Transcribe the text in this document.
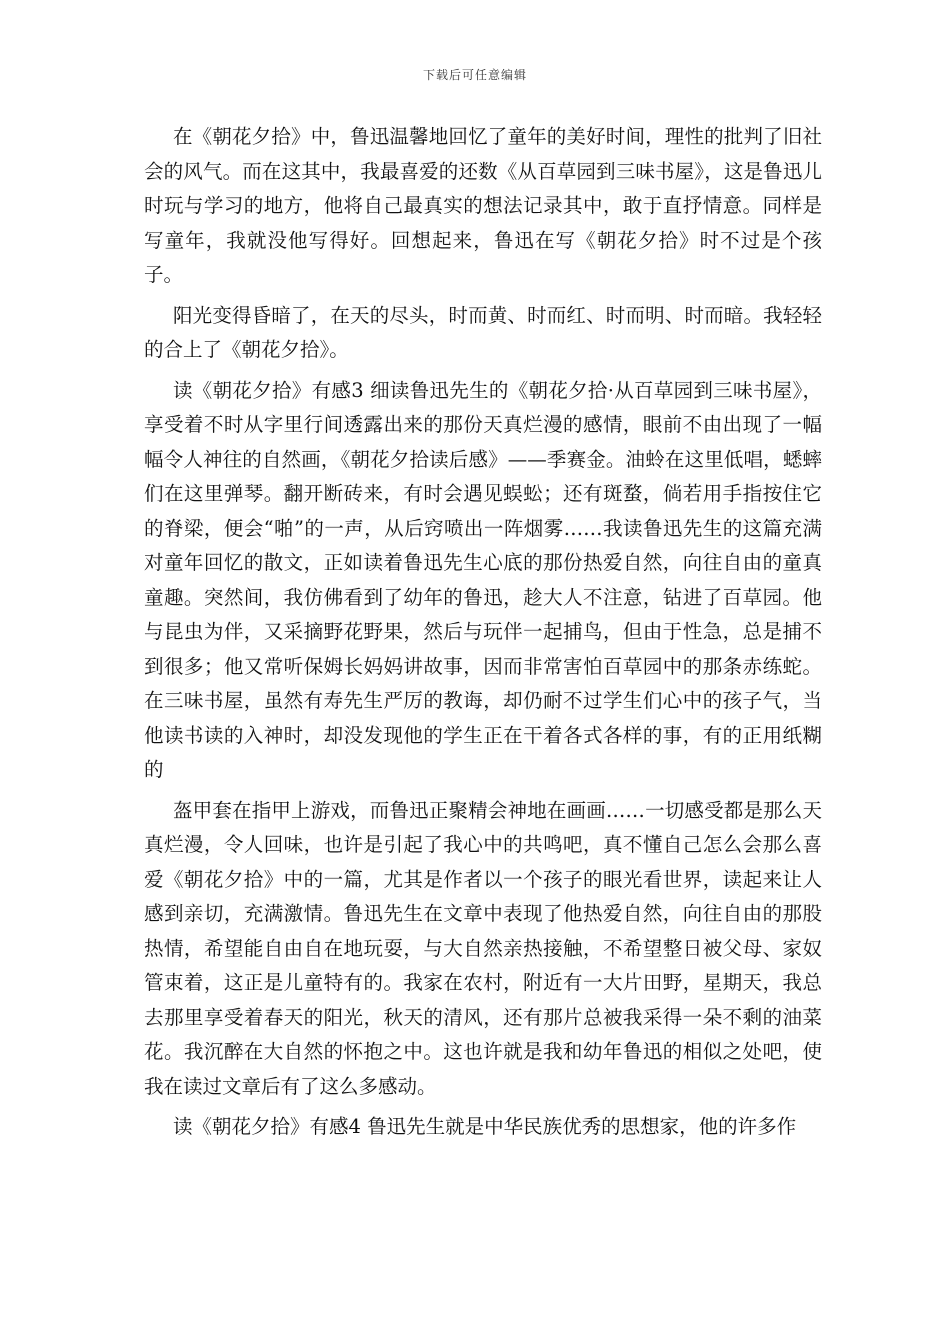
下载后可任意编辑

在《朝花夕拾》中，鲁迅温馨地回忆了童年的美好时间，理性的批判了旧社会的风气。而在这其中，我最喜爱的还数《从百草园到三味书屋》，这是鲁迅儿时玩与学习的地方，他将自己最真实的想法记录其中，敢于直抒情意。同样是写童年，我就没他写得好。回想起来，鲁迅在写《朝花夕拾》时不过是个孩子。

阳光变得昏暗了，在天的尽头，时而黄、时而红、时而明、时而暗。我轻轻的合上了《朝花夕拾》。

读《朝花夕拾》有感3 细读鲁迅先生的《朝花夕拾·从百草园到三味书屋》，享受着不时从字里行间透露出来的那份天真烂漫的感情，眼前不由出现了一幅幅令人神往的自然画，《朝花夕拾读后感》——季赛金。油蛉在这里低唱，蟋蟀们在这里弹琴。翻开断砖来，有时会遇见蜈蚣；还有斑蝥，倘若用手指按住它的脊梁，便会“啪”的一声，从后窍喷出一阵烟雾……我读鲁迅先生的这篇充满对童年回忆的散文，正如读着鲁迅先生心底的那份热爱自然，向往自由的童真童趣。突然间，我仿佛看到了幼年的鲁迅，趁大人不注意，钻进了百草园。他与昆虫为伴，又采摘野花野果，然后与玩伴一起捕鸟，但由于性急，总是捕不到很多；他又常听保姆长妈妈讲故事，因而非常害怕百草园中的那条赤练蛇。在三味书屋，虽然有寿先生严厉的教诲，却仍耐不过学生们心中的孩子气，当他读书读的入神时，却没发现他的学生正在干着各式各样的事，有的正用纸糊的

盔甲套在指甲上游戏，而鲁迅正聚精会神地在画画……一切感受都是那么天真烂漫，令人回味，也许是引起了我心中的共鸣吧，真不懂自己怎么会那么喜爱《朝花夕拾》中的一篇，尤其是作者以一个孩子的眼光看世界，读起来让人感到亲切，充满激情。鲁迅先生在文章中表现了他热爱自然，向往自由的那股热情，希望能自由自在地玩耍，与大自然亲热接触，不希望整日被父母、家奴管束着，这正是儿童特有的。我家在农村，附近有一大片田野，星期天，我总去那里享受着春天的阳光，秋天的清风，还有那片总被我采得一朵不剩的油菜花。我沉醉在大自然的怀抱之中。这也许就是我和幼年鲁迅的相似之处吧，使我在读过文章后有了这么多感动。

读《朝花夕拾》有感4 鲁迅先生就是中华民族优秀的思想家，他的许多作
